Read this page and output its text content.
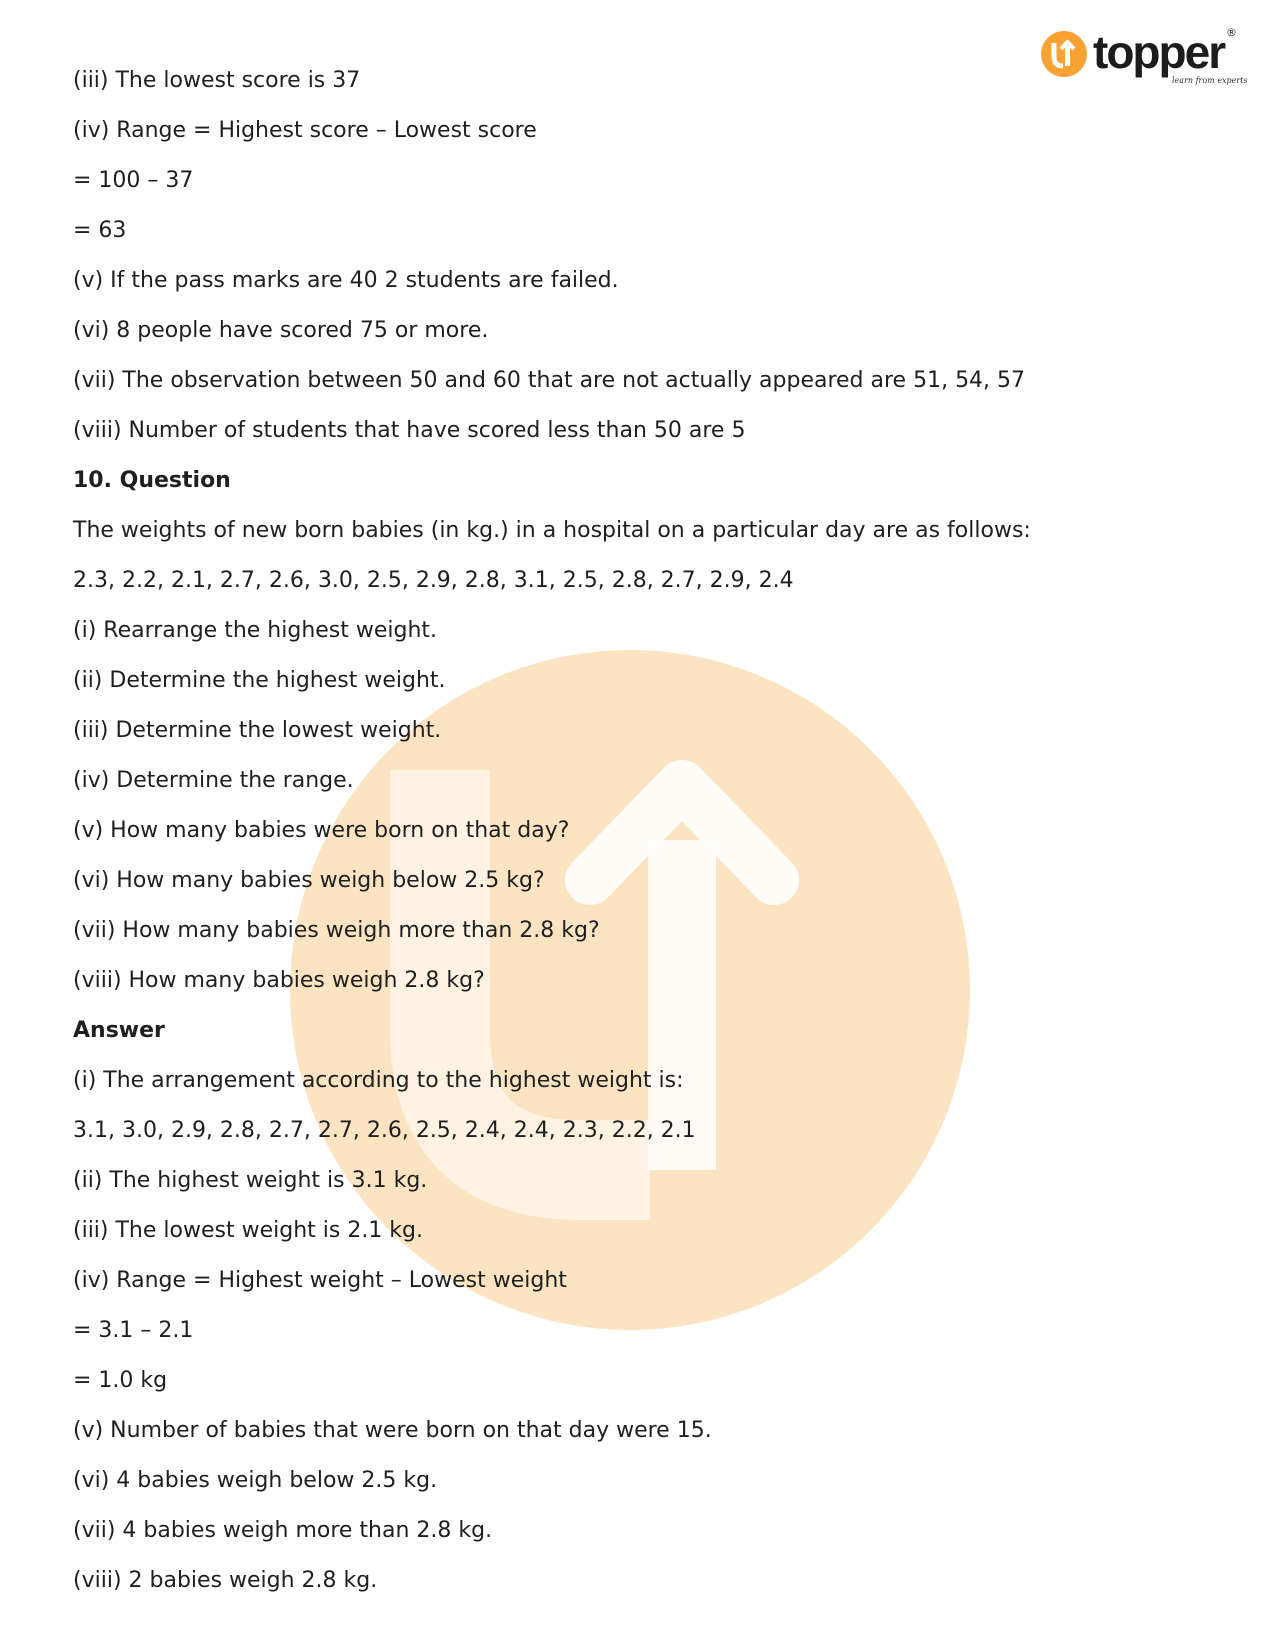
topper ®
learn from experts
(iii) The lowest score is 37
(iv) Range = Highest score – Lowest score
= 100 – 37
= 63
(v) If the pass marks are 40 2 students are failed.
(vi) 8 people have scored 75 or more.
(vii) The observation between 50 and 60 that are not actually appeared are 51, 54, 57
(viii) Number of students that have scored less than 50 are 5
10. Question
The weights of new born babies (in kg.) in a hospital on a particular day are as follows:
2.3, 2.2, 2.1, 2.7, 2.6, 3.0, 2.5, 2.9, 2.8, 3.1, 2.5, 2.8, 2.7, 2.9, 2.4
(i) Rearrange the highest weight.
(ii) Determine the highest weight.
(iii) Determine the lowest weight.
(iv) Determine the range.
(v) How many babies were born on that day?
(vi) How many babies weigh below 2.5 kg?
(vii) How many babies weigh more than 2.8 kg?
(viii) How many babies weigh 2.8 kg?
Answer
(i) The arrangement according to the highest weight is:
3.1, 3.0, 2.9, 2.8, 2.7, 2.7, 2.6, 2.5, 2.4, 2.4, 2.3, 2.2, 2.1
(ii) The highest weight is 3.1 kg.
(iii) The lowest weight is 2.1 kg.
(iv) Range = Highest weight – Lowest weight
= 3.1 – 2.1
= 1.0 kg
(v) Number of babies that were born on that day were 15.
(vi) 4 babies weigh below 2.5 kg.
(vii) 4 babies weigh more than 2.8 kg.
(viii) 2 babies weigh 2.8 kg.
